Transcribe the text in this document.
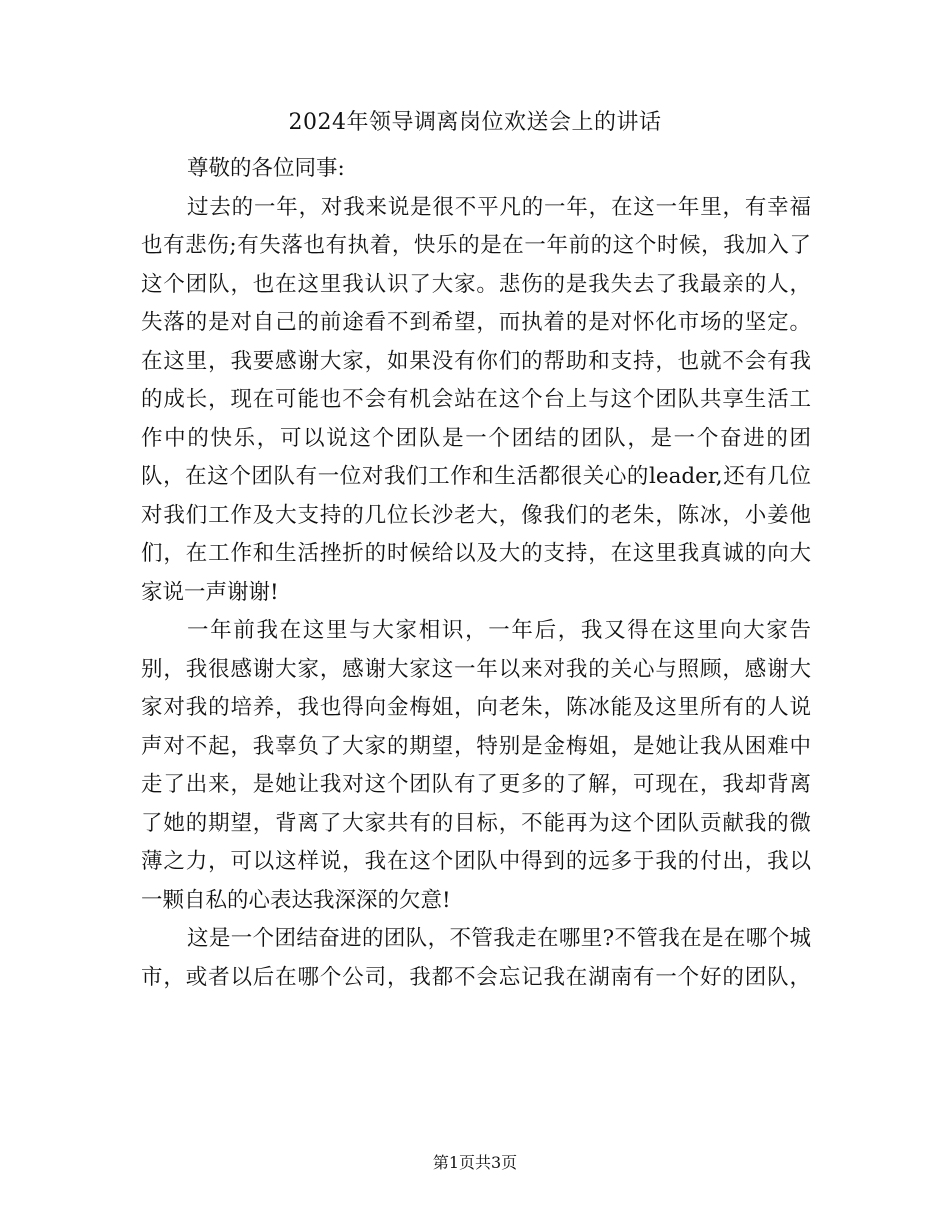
2024年领导调离岗位欢送会上的讲话
尊敬的各位同事:
过去的一年，对我来说是很不平凡的一年，在这一年里，有幸福
也有悲伤;有失落也有执着，快乐的是在一年前的这个时候，我加入了
这个团队，也在这里我认识了大家。悲伤的是我失去了我最亲的人，
失落的是对自己的前途看不到希望，而执着的是对怀化市场的坚定。
在这里，我要感谢大家，如果没有你们的帮助和支持，也就不会有我
的成长，现在可能也不会有机会站在这个台上与这个团队共享生活工
作中的快乐，可以说这个团队是一个团结的团队，是一个奋进的团
队，在这个团队有一位对我们工作和生活都很关心的leader,还有几位
对我们工作及大支持的几位长沙老大，像我们的老朱，陈冰，小姜他
们，在工作和生活挫折的时候给以及大的支持，在这里我真诚的向大
家说一声谢谢!
一年前我在这里与大家相识，一年后，我又得在这里向大家告
别，我很感谢大家，感谢大家这一年以来对我的关心与照顾，感谢大
家对我的培养，我也得向金梅姐，向老朱，陈冰能及这里所有的人说
声对不起，我辜负了大家的期望，特别是金梅姐，是她让我从困难中
走了出来，是她让我对这个团队有了更多的了解，可现在，我却背离
了她的期望，背离了大家共有的目标，不能再为这个团队贡献我的微
薄之力，可以这样说，我在这个团队中得到的远多于我的付出，我以
一颗自私的心表达我深深的欠意!
这是一个团结奋进的团队，不管我走在哪里?不管我在是在哪个城
市，或者以后在哪个公司，我都不会忘记我在湖南有一个好的团队，
第1页共3页
